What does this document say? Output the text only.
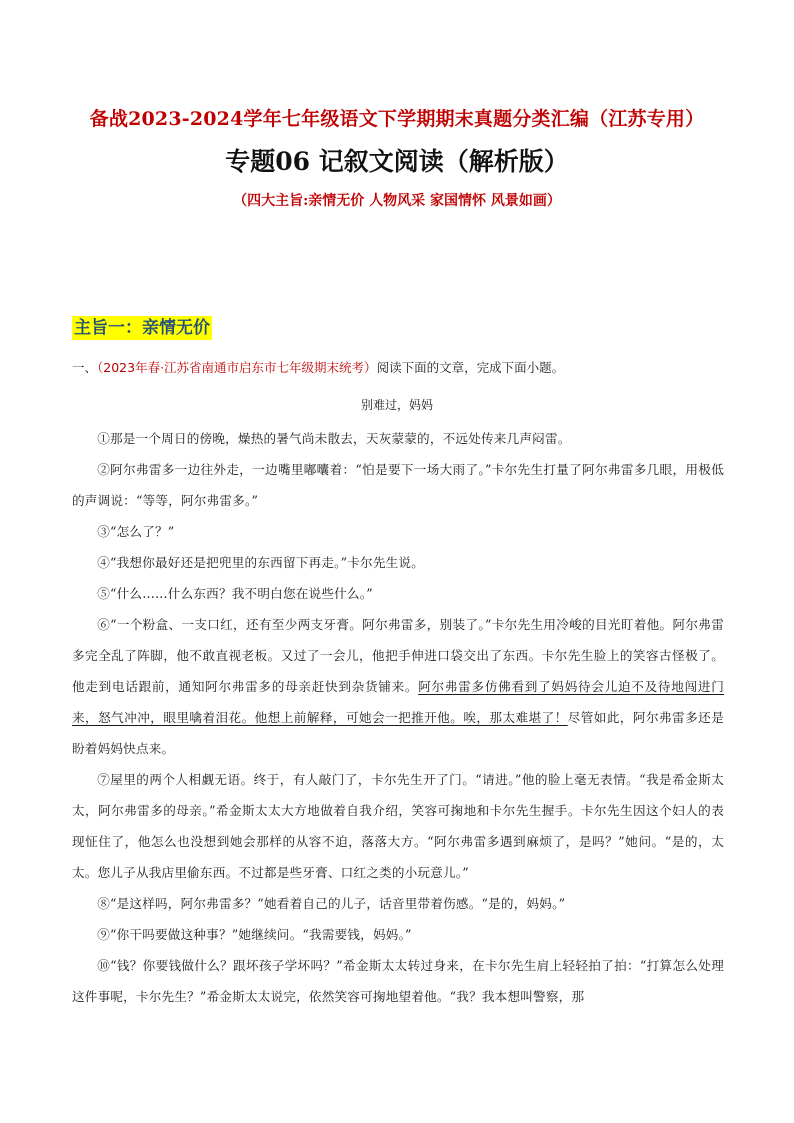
备战2023-2024学年七年级语文下学期期末真题分类汇编（江苏专用）
专题06 记叙文阅读（解析版）
（四大主旨:亲情无价 人物风采 家国情怀 风景如画）
主旨一：亲情无价
一、（2023年春·江苏省南通市启东市七年级期末统考）阅读下面的文章，完成下面小题。
别难过，妈妈

①那是一个周日的傍晚，燥热的暑气尚未散去，天灰蒙蒙的，不远处传来几声闷雷。

②阿尔弗雷多一边往外走，一边嘴里嘟囔着：“怕是要下一场大雨了。”卡尔先生打量了阿尔弗雷多几眼，用极低的声调说：“等等，阿尔弗雷多。”

③“怎么了？”

④“我想你最好还是把兜里的东西留下再走。”卡尔先生说。

⑤“什么……什么东西？我不明白您在说些什么。”

⑥“一个粉盒、一支口红，还有至少两支牙膏。阿尔弗雷多，别装了。”卡尔先生用冷峻的目光盯着他。阿尔弗雷多完全乱了阵脚，他不敢直视老板。又过了一会儿，他把手伸进口袋交出了东西。卡尔先生脸上的笑容古怪极了。他走到电话跟前，通知阿尔弗雷多的母亲赶快到杂货铺来。阿尔弗雷多仿佛看到了妈妈待会儿迫不及待地闯进门来，怒气冲冲，眼里噙着泪花。他想上前解释，可她会一把推开他。唉，那太难堪了！尽管如此，阿尔弗雷多还是盼着妈妈快点来。

⑦屋里的两个人相觑无语。终于，有人敲门了，卡尔先生开了门。“请进。”他的脸上毫无表情。“我是希金斯太太，阿尔弗雷多的母亲。”希金斯太太大方地做着自我介绍，笑容可掬地和卡尔先生握手。卡尔先生因这个妇人的表现怔住了，他怎么也没想到她会那样的从容不迫，落落大方。“阿尔弗雷多遇到麻烦了，是吗？”她问。“是的，太太。您儿子从我店里偷东西。不过都是些牙膏、口红之类的小玩意儿。”

⑧“是这样吗，阿尔弗雷多？”她看着自己的儿子，话音里带着伤感。“是的，妈妈。”

⑨“你干吗要做这种事？”她继续问。“我需要钱，妈妈。”

⑩“钱？你要钱做什么？跟坏孩子学坏吗？”希金斯太太转过身来，在卡尔先生肩上轻轻拍了拍：“打算怎么处理这件事呢，卡尔先生？”希金斯太太说完，依然笑容可掬地望着他。“我？我本想叫警察，那
